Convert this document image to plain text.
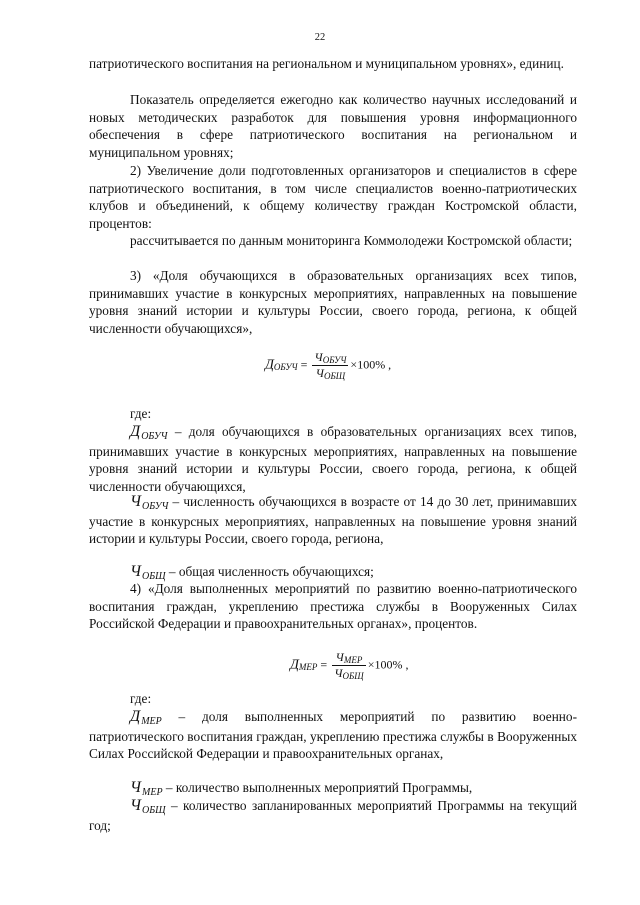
22

патриотического воспитания на региональном и муниципальном уровнях», единиц.

Показатель определяется ежегодно как количество научных исследований и новых методических разработок для повышения уровня информационного обеспечения в сфере патриотического воспитания на региональном и муниципальном уровнях;

2) Увеличение доли подготовленных организаторов и специалистов в сфере патриотического воспитания, в том числе специалистов военно-патриотических клубов и объединений, к общему количеству граждан Костромской области, процентов:

рассчитывается по данным мониторинга Коммолодежи Костромской области;

3) «Доля обучающихся в образовательных организациях всех типов, принимавших участие в конкурсных мероприятиях, направленных на повышение уровня знаний истории и культуры России, своего города, региона, к общей численности обучающихся»,

ДОБУЧ = $\frac{\text{ЧОБУЧ}}{\text{ЧОБЩ}} \times 100\%$ ,

где:

$Д_{ОБУЧ}$ – доля обучающихся в образовательных организациях всех типов, принимавших участие в конкурсных мероприятиях, направленных на повышение уровня знаний истории и культуры России, своего города, региона, к общей численности обучающихся,

$Ч_{ОБУЧ}$ – численность обучающихся в возрасте от 14 до 30 лет, принимавших участие в конкурсных мероприятиях, направленных на повышение уровня знаний истории и культуры России, своего города, региона,

$Ч_{ОБЩ}$ – общая численность обучающихся;

4) «Доля выполненных мероприятий по развитию военно-патриотического воспитания граждан, укреплению престижа службы в Вооруженных Силах Российской Федерации и правоохранительных органах», процентов.

ДМЕР = $\frac{\text{ЧМЕР}}{\text{ЧОБЩ}} \times 100\%$ ,

где:

$Д_{МЕР}$ – доля выполненных мероприятий по развитию военно-патриотического воспитания граждан, укреплению престижа службы в Вооруженных Силах Российской Федерации и правоохранительных органах,

$Ч_{МЕР}$ – количество выполненных мероприятий Программы,

$Ч_{ОБЩ}$ – количество запланированных мероприятий Программы на текущий год;
